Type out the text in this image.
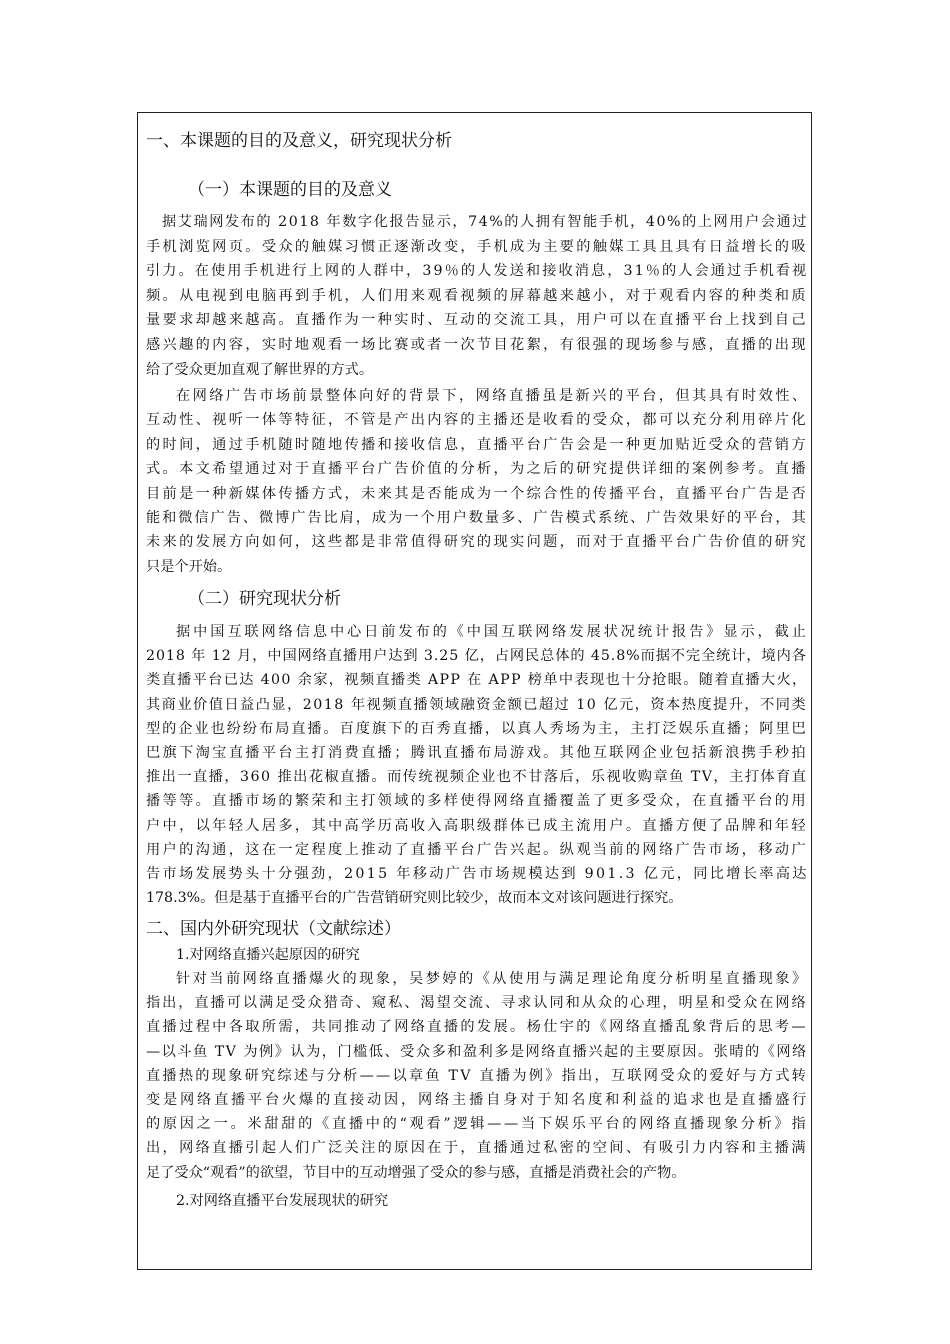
一、本课题的目的及意义，研究现状分析
（一）本课题的目的及意义
据艾瑞网发布的 2018 年数字化报告显示，74%的人拥有智能手机，40%的上网用户会通过
手机浏览网页。受众的触媒习惯正逐渐改变，手机成为主要的触媒工具且具有日益增长的吸
引力。在使用手机进行上网的人群中，39％的人发送和接收消息，31％的人会通过手机看视
频。从电视到电脑再到手机，人们用来观看视频的屏幕越来越小，对于观看内容的种类和质
量要求却越来越高。直播作为一种实时、互动的交流工具，用户可以在直播平台上找到自己
感兴趣的内容，实时地观看一场比赛或者一次节目花絮，有很强的现场参与感，直播的出现
给了受众更加直观了解世界的方式。
在网络广告市场前景整体向好的背景下，网络直播虽是新兴的平台，但其具有时效性、
互动性、视听一体等特征，不管是产出内容的主播还是收看的受众，都可以充分利用碎片化
的时间，通过手机随时随地传播和接收信息，直播平台广告会是一种更加贴近受众的营销方
式。本文希望通过对于直播平台广告价值的分析，为之后的研究提供详细的案例参考。直播
目前是一种新媒体传播方式，未来其是否能成为一个综合性的传播平台，直播平台广告是否
能和微信广告、微博广告比肩，成为一个用户数量多、广告模式系统、广告效果好的平台，其
未来的发展方向如何，这些都是非常值得研究的现实问题，而对于直播平台广告价值的研究
只是个开始。
（二）研究现状分析
据中国互联网络信息中心日前发布的《中国互联网络发展状况统计报告》显示，截止
2018 年 12 月，中国网络直播用户达到 3.25 亿，占网民总体的 45.8%而据不完全统计，境内各
类直播平台已达 400 余家，视频直播类 APP 在 APP 榜单中表现也十分抢眼。随着直播大火，
其商业价值日益凸显，2018 年视频直播领域融资金额已超过 10 亿元，资本热度提升，不同类
型的企业也纷纷布局直播。百度旗下的百秀直播，以真人秀场为主，主打泛娱乐直播；阿里巴
巴旗下淘宝直播平台主打消费直播；腾讯直播布局游戏。其他互联网企业包括新浪携手秒拍
推出一直播，360 推出花椒直播。而传统视频企业也不甘落后，乐视收购章鱼 TV，主打体育直
播等等。直播市场的繁荣和主打领域的多样使得网络直播覆盖了更多受众，在直播平台的用
户中，以年轻人居多，其中高学历高收入高职级群体已成主流用户。直播方便了品牌和年轻
用户的沟通，这在一定程度上推动了直播平台广告兴起。纵观当前的网络广告市场，移动广
告市场发展势头十分强劲，2015 年移动广告市场规模达到 901.3 亿元，同比增长率高达
178.3%。但是基于直播平台的广告营销研究则比较少，故而本文对该问题进行探究。
二、国内外研究现状（文献综述）
1.对网络直播兴起原因的研究
针对当前网络直播爆火的现象，吴梦婷的《从使用与满足理论角度分析明星直播现象》
指出，直播可以满足受众猎奇、窥私、渴望交流、寻求认同和从众的心理，明星和受众在网络
直播过程中各取所需，共同推动了网络直播的发展。杨仕宇的《网络直播乱象背后的思考—
—以斗鱼 TV 为例》认为，门槛低、受众多和盈利多是网络直播兴起的主要原因。张晴的《网络
直播热的现象研究综述与分析——以章鱼 TV 直播为例》指出，互联网受众的爱好与方式转
变是网络直播平台火爆的直接动因，网络主播自身对于知名度和利益的追求也是直播盛行
的原因之一。米甜甜的《直播中的“观看”逻辑——当下娱乐平台的网络直播现象分析》指
出，网络直播引起人们广泛关注的原因在于，直播通过私密的空间、有吸引力内容和主播满
足了受众“观看”的欲望，节目中的互动增强了受众的参与感，直播是消费社会的产物。
2.对网络直播平台发展现状的研究
